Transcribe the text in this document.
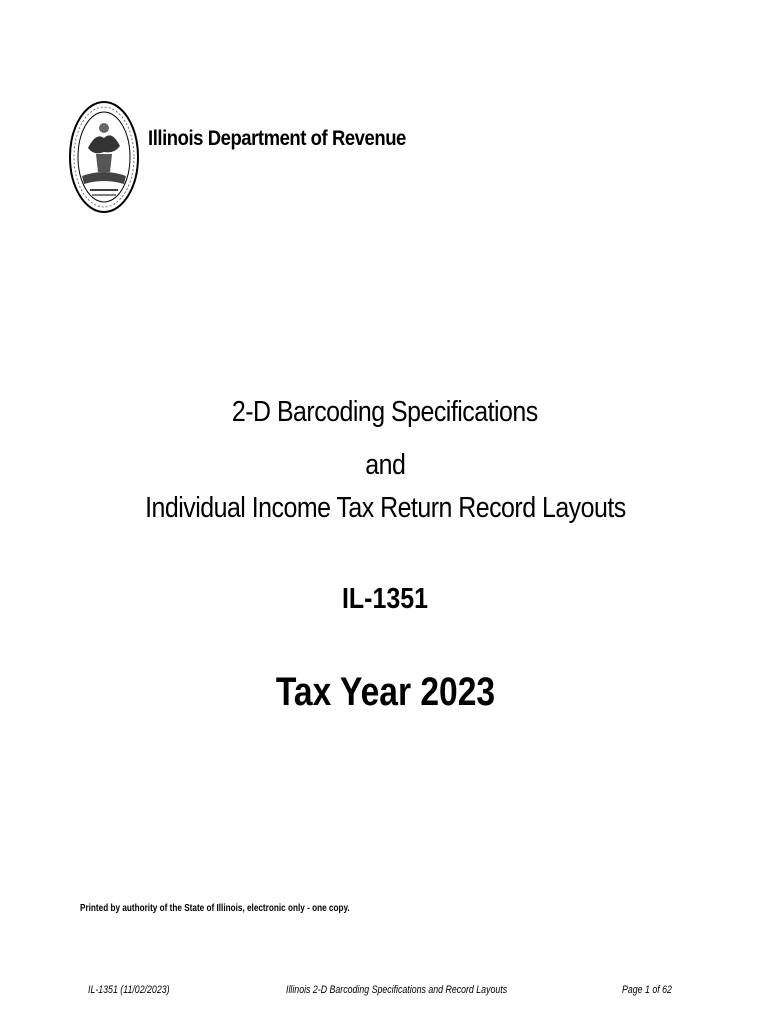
Illinois Department of Revenue
2-D Barcoding Specifications
and
Individual Income Tax Return Record Layouts
IL-1351
Tax Year 2023
Printed by authority of the State of Illinois, electronic only - one copy.
IL-1351 (11/02/2023)	Illinois 2-D Barcoding Specifications and Record Layouts	Page 1 of 62
